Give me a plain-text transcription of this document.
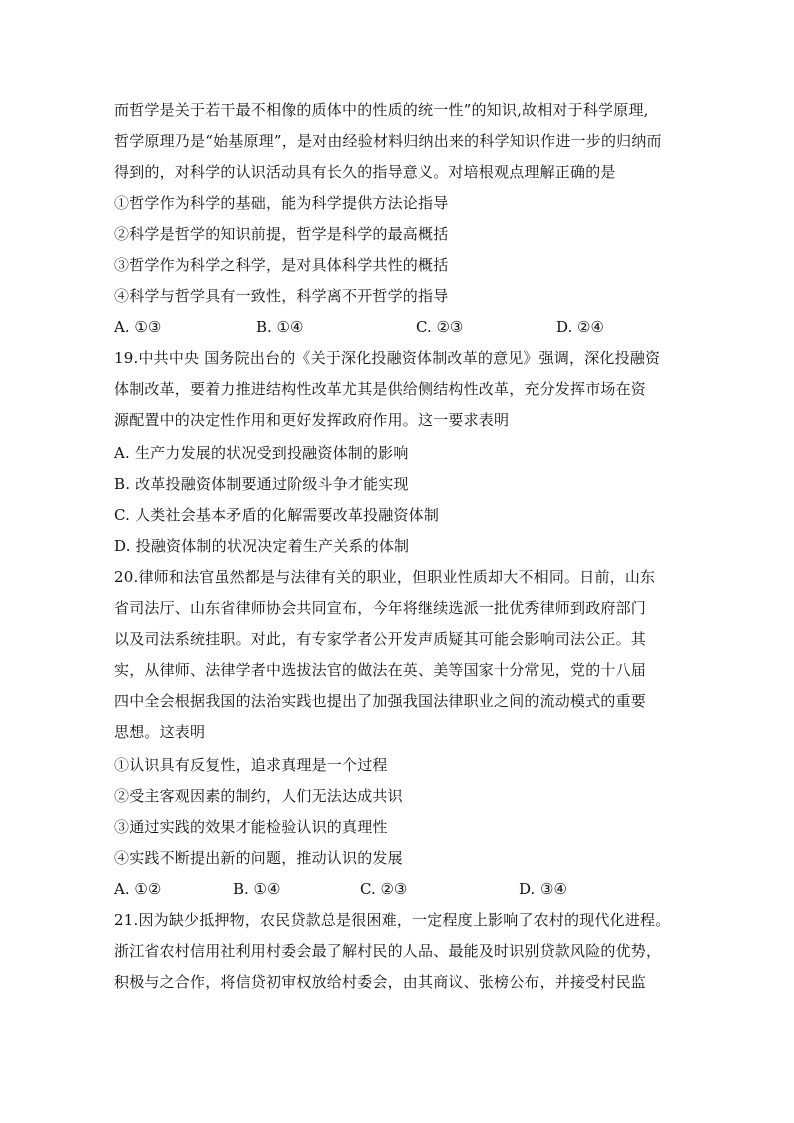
而哲学是关于若干最不相像的质体中的性质的统一性”的知识,故相对于科学原理,
哲学原理乃是“始基原理”，是对由经验材料归纳出来的科学知识作进一步的归纳而
得到的，对科学的认识活动具有长久的指导意义。对培根观点理解正确的是
①哲学作为科学的基础，能为科学提供方法论指导
②科学是哲学的知识前提，哲学是科学的最高概括
③哲学作为科学之科学，是对具体科学共性的概括
④科学与哲学具有一致性，科学离不开哲学的指导
A. ①③	B. ①④	C. ②③	D. ②④
19.中共中央 国务院出台的《关于深化投融资体制改革的意见》强调，深化投融资
体制改革，要着力推进结构性改革尤其是供给侧结构性改革，充分发挥市场在资
源配置中的决定性作用和更好发挥政府作用。这一要求表明
A. 生产力发展的状况受到投融资体制的影响
B. 改革投融资体制要通过阶级斗争才能实现
C. 人类社会基本矛盾的化解需要改革投融资体制
D. 投融资体制的状况决定着生产关系的体制
20.律师和法官虽然都是与法律有关的职业，但职业性质却大不相同。日前，山东
省司法厅、山东省律师协会共同宣布，今年将继续选派一批优秀律师到政府部门
以及司法系统挂职。对此，有专家学者公开发声质疑其可能会影响司法公正。其
实，从律师、法律学者中选拔法官的做法在英、美等国家十分常见，党的十八届
四中全会根据我国的法治实践也提出了加强我国法律职业之间的流动模式的重要
思想。这表明
①认识具有反复性，追求真理是一个过程
②受主客观因素的制约，人们无法达成共识
③通过实践的效果才能检验认识的真理性
④实践不断提出新的问题，推动认识的发展
A. ①②	B. ①④	C. ②③	D. ③④
21.因为缺少抵押物，农民贷款总是很困难，一定程度上影响了农村的现代化进程。
浙江省农村信用社利用村委会最了解村民的人品、最能及时识别贷款风险的优势，
积极与之合作，将信贷初审权放给村委会，由其商议、张榜公布，并接受村民监
